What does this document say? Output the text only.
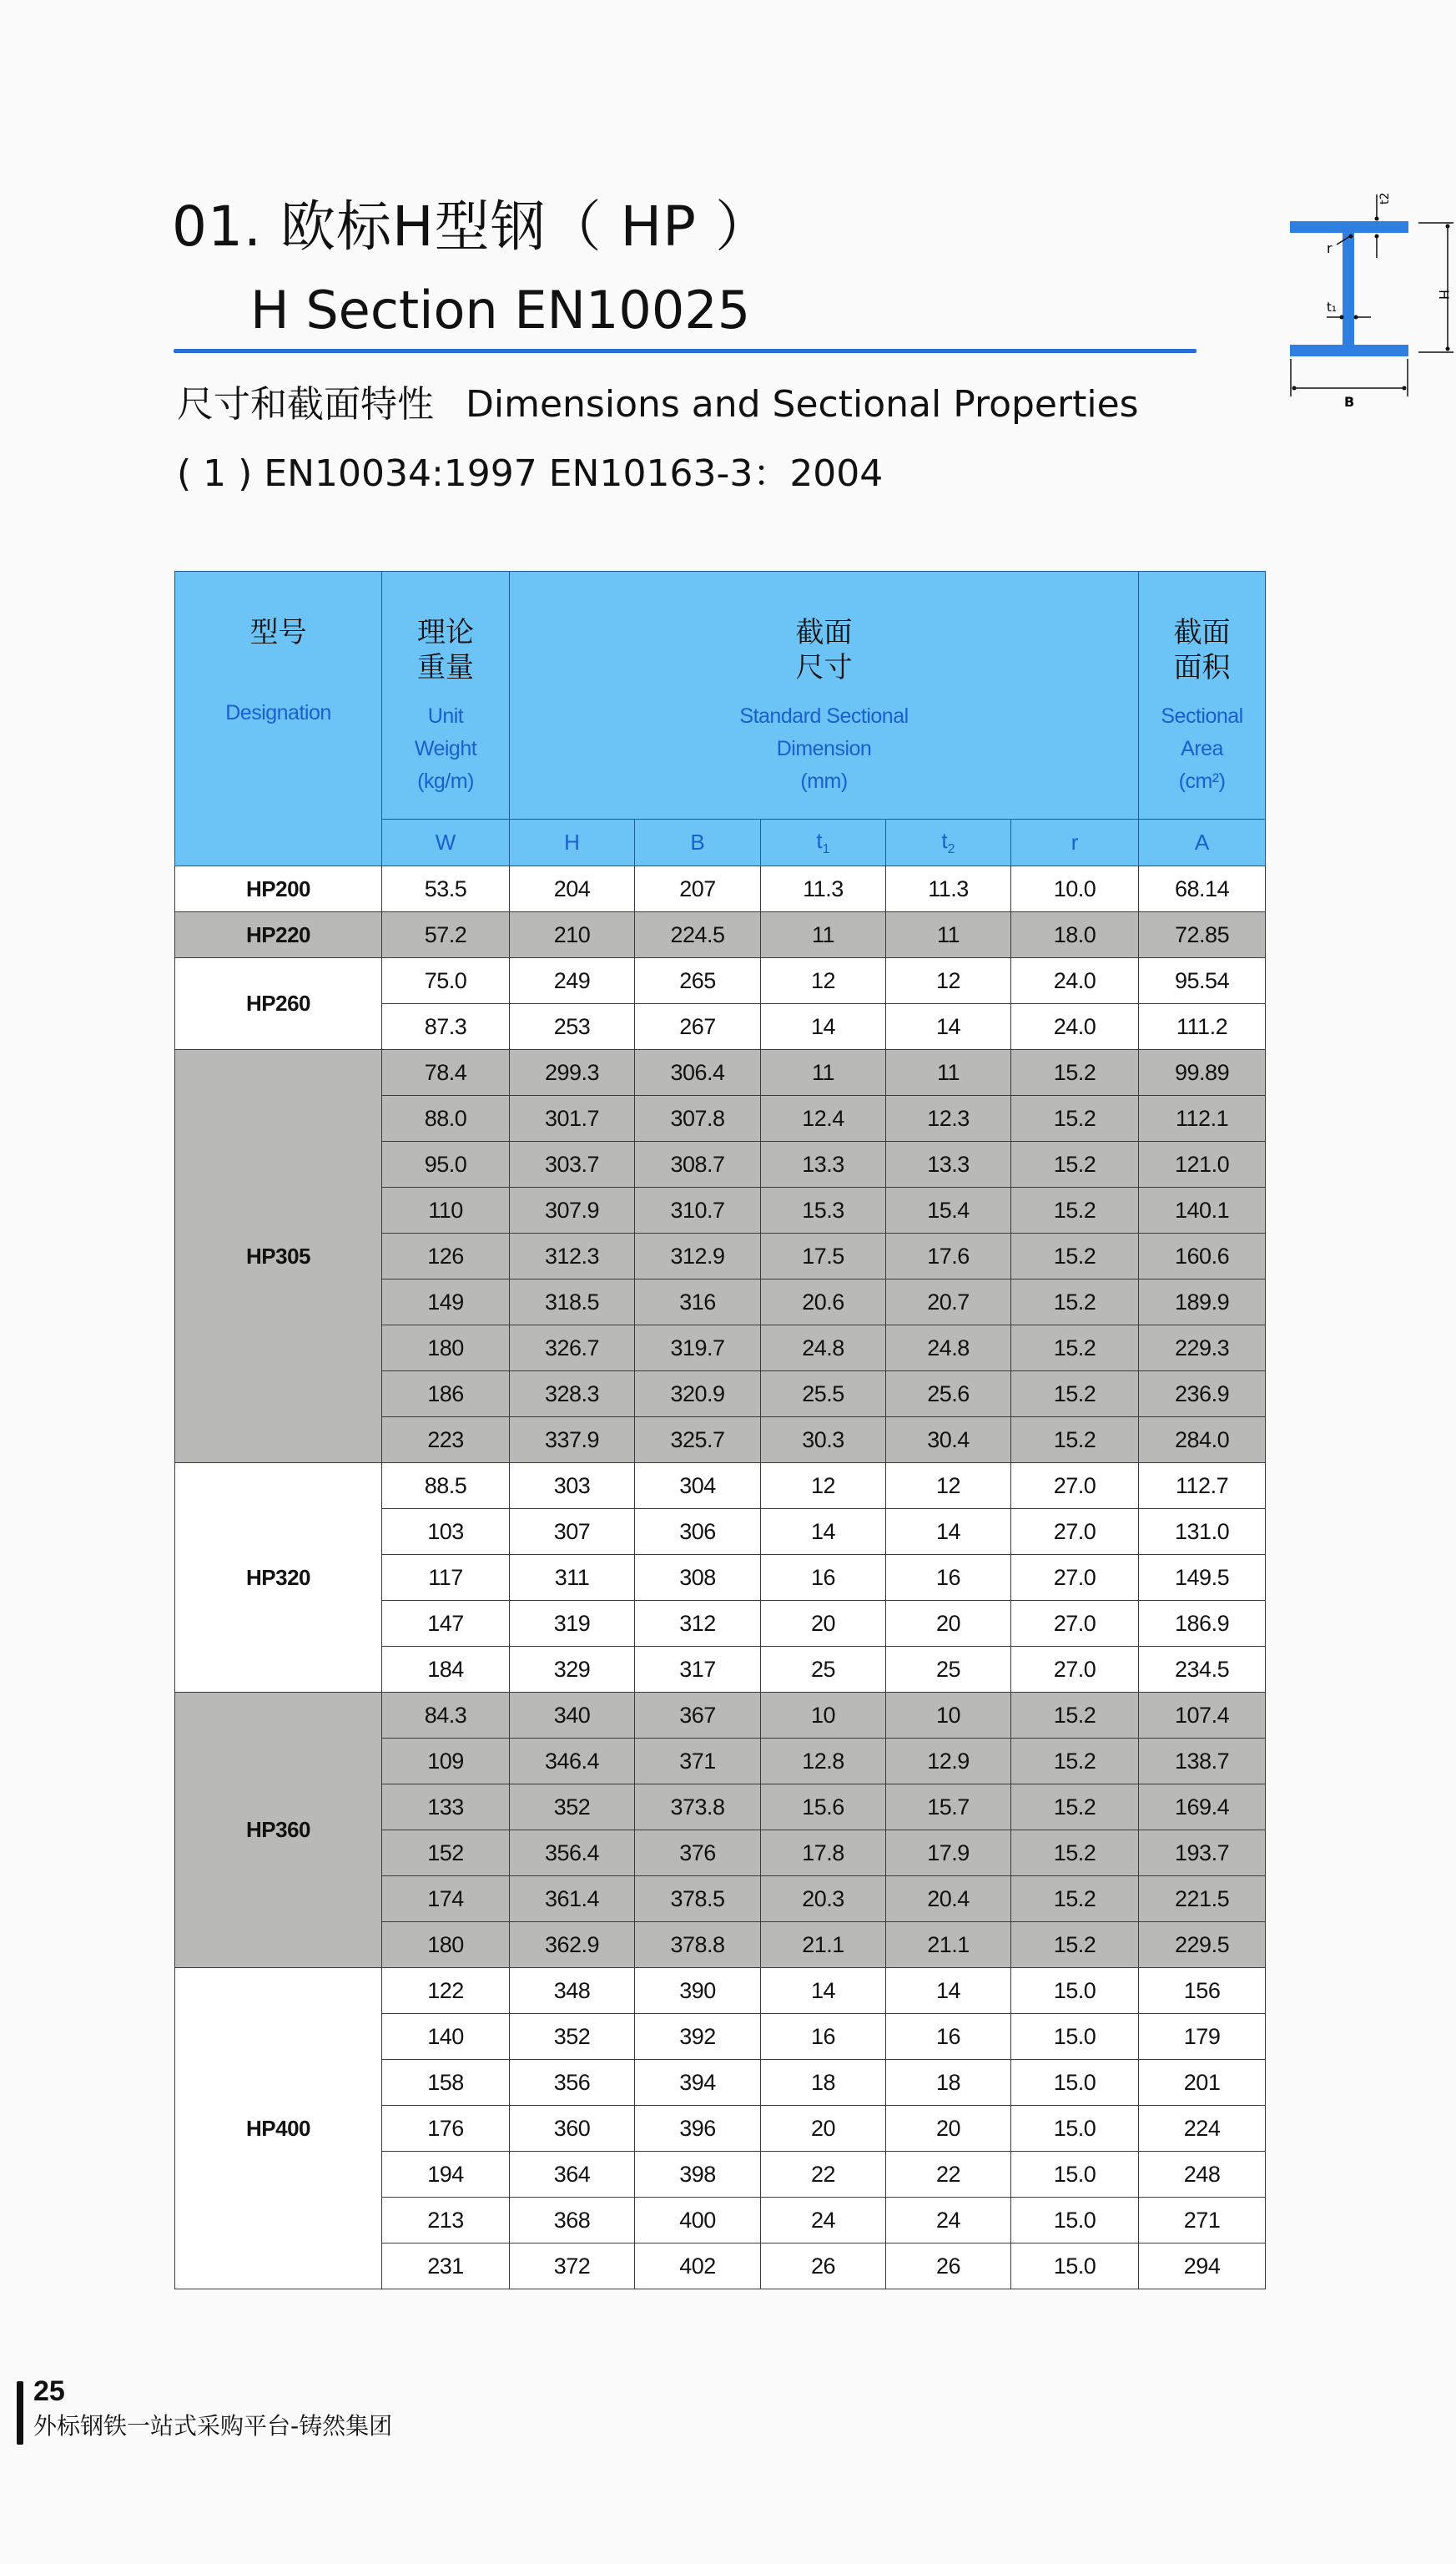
01. 欧标H型钢（ HP ）
H Section EN10025
尺寸和截面特性 Dimensions and Sectional Properties
( 1 ) EN10034:1997 EN10163-3：2004
t2
r
t₁
H
B
型号
Designation	理论
重量
Unit
Weight
(kg/m)	截面
尺寸
Standard Sectional
Dimension
(mm)					截面
面积
Sectional
Area
(cm²)

	W	H	B	$t_1$	$t_2$	r	A
HP200	53.5	204	207	11.3	11.3	10.0	68.14
HP220	57.2	210	224.5	11	11	18.0	72.85
HP260	75.0	249	265	12	12	24.0	95.54
	87.3	253	267	14	14	24.0	111.2
HP305	78.4	299.3	306.4	11	11	15.2	99.89
	88.0	301.7	307.8	12.4	12.3	15.2	112.1
	95.0	303.7	308.7	13.3	13.3	15.2	121.0
	110	307.9	310.7	15.3	15.4	15.2	140.1
	126	312.3	312.9	17.5	17.6	15.2	160.6
	149	318.5	316	20.6	20.7	15.2	189.9
	180	326.7	319.7	24.8	24.8	15.2	229.3
	186	328.3	320.9	25.5	25.6	15.2	236.9
	223	337.9	325.7	30.3	30.4	15.2	284.0
HP320	88.5	303	304	12	12	27.0	112.7
	103	307	306	14	14	27.0	131.0
	117	311	308	16	16	27.0	149.5
	147	319	312	20	20	27.0	186.9
	184	329	317	25	25	27.0	234.5
HP360	84.3	340	367	10	10	15.2	107.4
	109	346.4	371	12.8	12.9	15.2	138.7
	133	352	373.8	15.6	15.7	15.2	169.4
	152	356.4	376	17.8	17.9	15.2	193.7
	174	361.4	378.5	20.3	20.4	15.2	221.5
	180	362.9	378.8	21.1	21.1	15.2	229.5
HP400	122	348	390	14	14	15.0	156
	140	352	392	16	16	15.0	179
	158	356	394	18	18	15.0	201
	176	360	396	20	20	15.0	224
	194	364	398	22	22	15.0	248
	213	368	400	24	24	15.0	271
	231	372	402	26	26	15.0	294
25
外标钢铁一站式采购平台-铸然集团
